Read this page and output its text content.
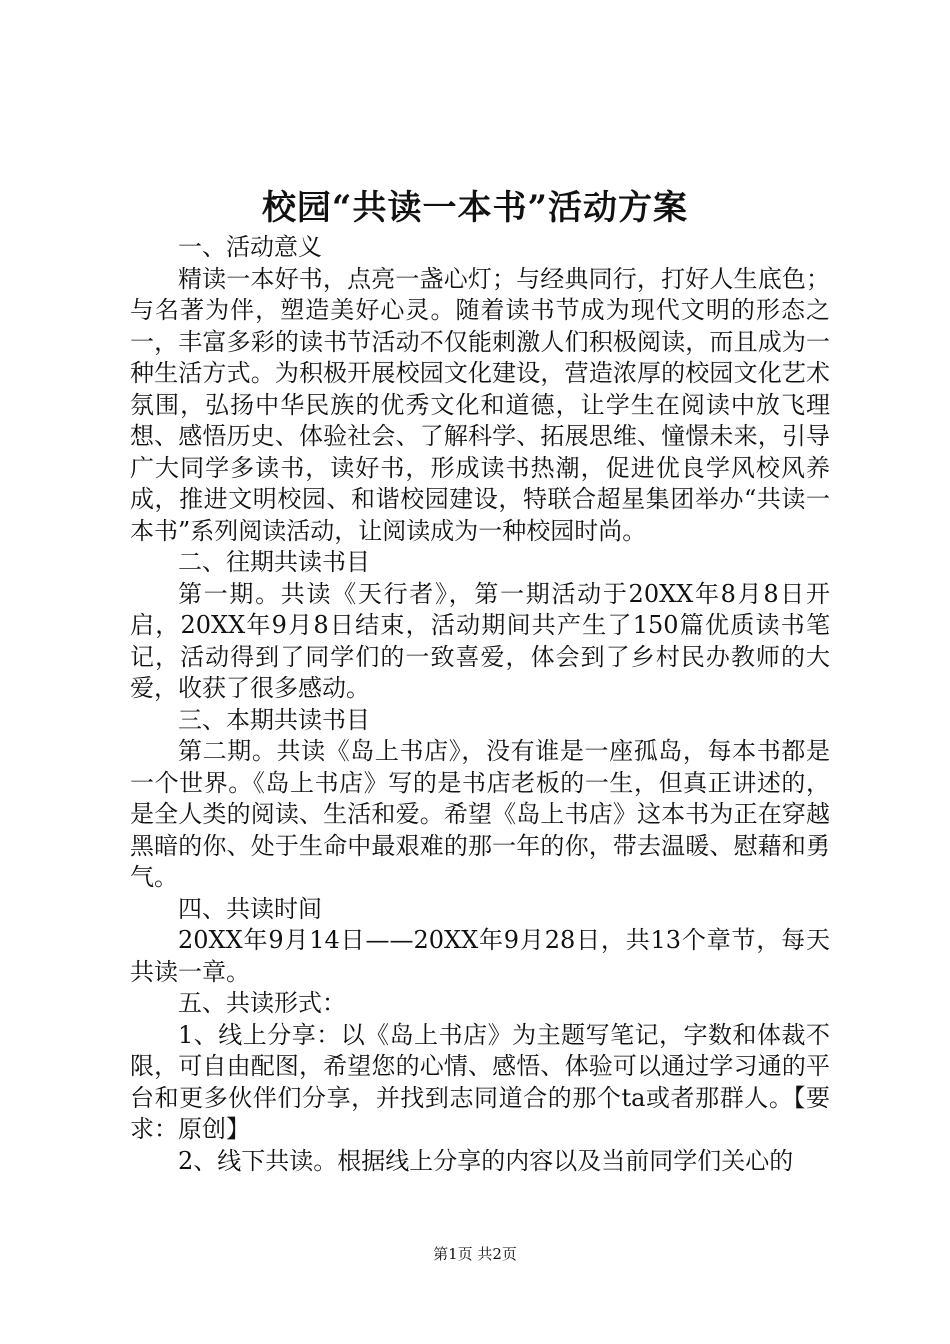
校园“共读一本书”活动方案

一、活动意义

精读一本好书，点亮一盏心灯；与经典同行，打好人生底色；与名著为伴，塑造美好心灵。随着读书节成为现代文明的形态之一，丰富多彩的读书节活动不仅能刺激人们积极阅读，而且成为一种生活方式。为积极开展校园文化建设，营造浓厚的校园文化艺术氛围，弘扬中华民族的优秀文化和道德，让学生在阅读中放飞理想、感悟历史、体验社会、了解科学、拓展思维、憧憬未来，引导广大同学多读书，读好书，形成读书热潮，促进优良学风校风养成，推进文明校园、和谐校园建设，特联合超星集团举办“共读一本书”系列阅读活动，让阅读成为一种校园时尚。

二、往期共读书目

第一期。共读《天行者》，第一期活动于20XX年8月8日开启，20XX年9月8日结束，活动期间共产生了150篇优质读书笔记，活动得到了同学们的一致喜爱，体会到了乡村民办教师的大爱，收获了很多感动。

三、本期共读书目

第二期。共读《岛上书店》，没有谁是一座孤岛，每本书都是一个世界。《岛上书店》写的是书店老板的一生，但真正讲述的，是全人类的阅读、生活和爱。希望《岛上书店》这本书为正在穿越黑暗的你、处于生命中最艰难的那一年的你，带去温暖、慰藉和勇气。

四、共读时间

20XX年9月14日——20XX年9月28日，共13个章节，每天共读一章。

五、共读形式：

1、线上分享：以《岛上书店》为主题写笔记，字数和体裁不限，可自由配图，希望您的心情、感悟、体验可以通过学习通的平台和更多伙伴们分享，并找到志同道合的那个ta或者那群人。【要求：原创】

2、线下共读。根据线上分享的内容以及当前同学们关心的

第1页 共2页
